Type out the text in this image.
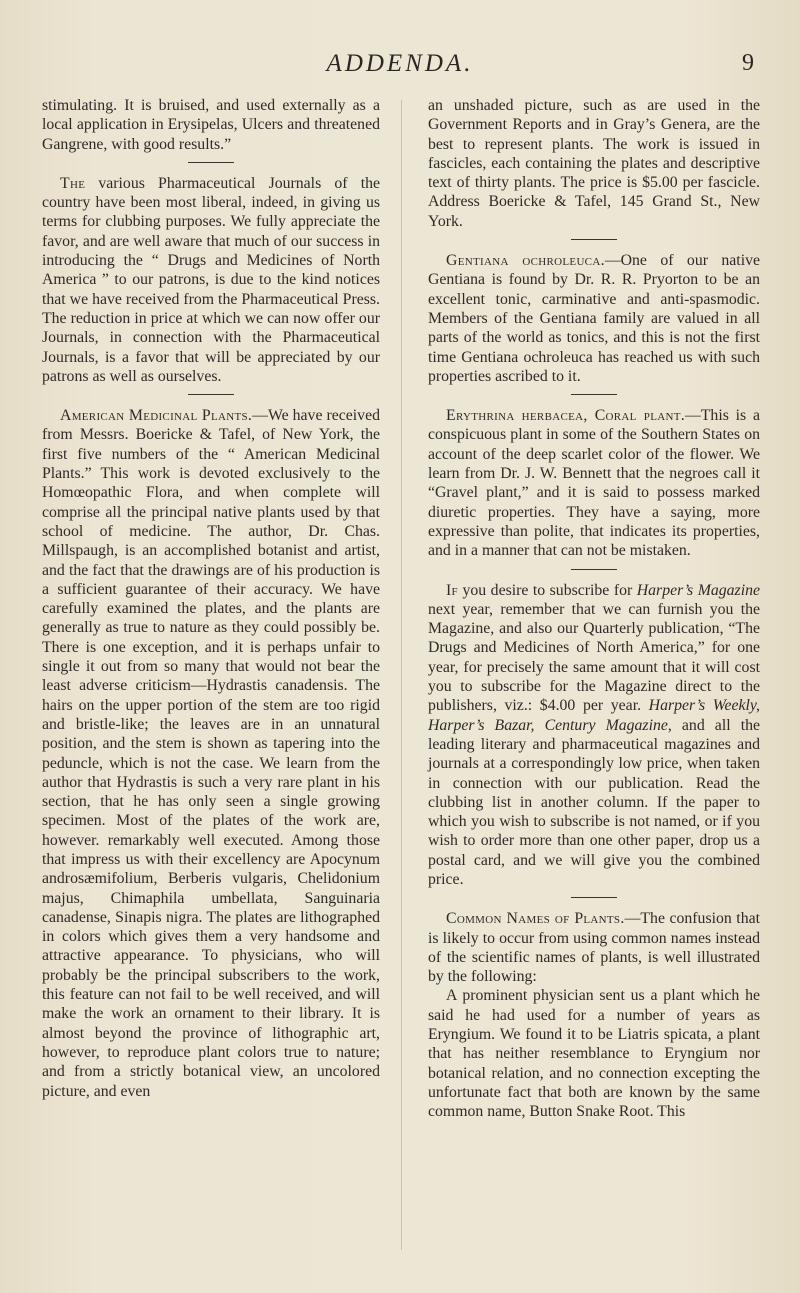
ADDENDA.	9

stimulating. It is bruised, and used externally as a local application in Erysipelas, Ulcers and threatened Gangrene, with good results.”

The various Pharmaceutical Journals of the country have been most liberal, indeed, in giving us terms for clubbing purposes. We fully appreciate the favor, and are well aware that much of our success in introducing the “ Drugs and Medicines of North America ” to our patrons, is due to the kind notices that we have received from the Pharmaceutical Press. The reduction in price at which we can now offer our Journals, in connection with the Pharmaceutical Journals, is a favor that will be appreciated by our patrons as well as ourselves.

American Medicinal Plants.—We have received from Messrs. Boericke & Tafel, of New York, the first five numbers of the “ American Medicinal Plants.” This work is devoted exclusively to the Homœopathic Flora, and when complete will comprise all the principal native plants used by that school of medicine. The author, Dr. Chas. Millspaugh, is an accomplished botanist and artist, and the fact that the drawings are of his production is a sufficient guarantee of their accuracy. We have carefully examined the plates, and the plants are generally as true to nature as they could possibly be. There is one exception, and it is perhaps unfair to single it out from so many that would not bear the least adverse criticism—Hydrastis canadensis. The hairs on the upper portion of the stem are too rigid and bristle-like; the leaves are in an unnatural position, and the stem is shown as tapering into the peduncle, which is not the case. We learn from the author that Hydrastis is such a very rare plant in his section, that he has only seen a single growing specimen. Most of the plates of the work are, however. remarkably well executed. Among those that impress us with their excellency are Apocynum androsæmifolium, Berberis vulgaris, Chelidonium majus, Chimaphila umbellata, Sanguinaria canadense, Sinapis nigra. The plates are lithographed in colors which gives them a very handsome and attractive appearance. To physicians, who will probably be the principal subscribers to the work, this feature can not fail to be well received, and will make the work an ornament to their library. It is almost beyond the province of lithographic art, however, to reproduce plant colors true to nature; and from a strictly botanical view, an uncolored picture, and even

an unshaded picture, such as are used in the Government Reports and in Gray’s Genera, are the best to represent plants. The work is issued in fascicles, each containing the plates and descriptive text of thirty plants. The price is $5.00 per fascicle. Address Boericke & Tafel, 145 Grand St., New York.

Gentiana ochroleuca.—One of our native Gentiana is found by Dr. R. R. Pryorton to be an excellent tonic, carminative and anti-spasmodic. Members of the Gentiana family are valued in all parts of the world as tonics, and this is not the first time Gentiana ochroleuca has reached us with such properties ascribed to it.

Erythrina herbacea, Coral plant.—This is a conspicuous plant in some of the Southern States on account of the deep scarlet color of the flower. We learn from Dr. J. W. Bennett that the negroes call it “Gravel plant,” and it is said to possess marked diuretic properties. They have a saying, more expressive than polite, that indicates its properties, and in a manner that can not be mistaken.

If you desire to subscribe for Harper’s Magazine next year, remember that we can furnish you the Magazine, and also our Quarterly publication, “The Drugs and Medicines of North America,” for one year, for precisely the same amount that it will cost you to subscribe for the Magazine direct to the publishers, viz.: $4.00 per year. Harper’s Weekly, Harper’s Bazar, Century Magazine, and all the leading literary and pharmaceutical magazines and journals at a correspondingly low price, when taken in connection with our publication. Read the clubbing list in another column. If the paper to which you wish to subscribe is not named, or if you wish to order more than one other paper, drop us a postal card, and we will give you the combined price.

Common Names of Plants.—The confusion that is likely to occur from using common names instead of the scientific names of plants, is well illustrated by the following:

A prominent physician sent us a plant which he said he had used for a number of years as Eryngium. We found it to be Liatris spicata, a plant that has neither resemblance to Eryngium nor botanical relation, and no connection excepting the unfortunate fact that both are known by the same common name, Button Snake Root. This
